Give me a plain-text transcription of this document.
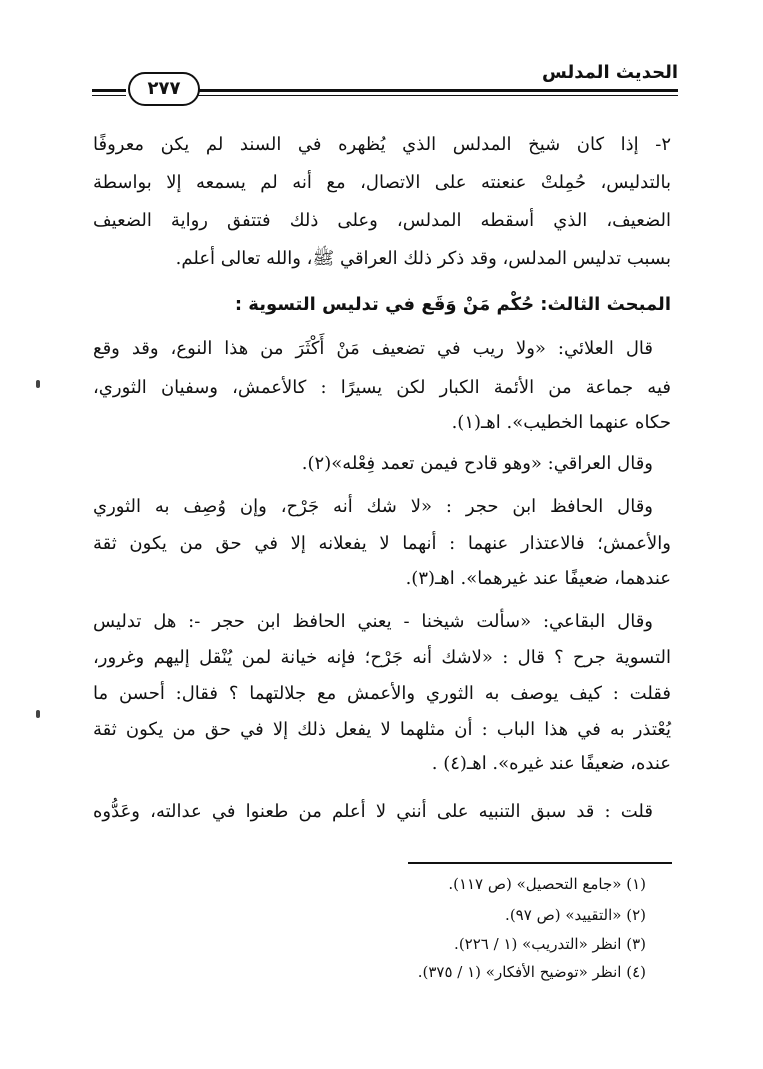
الحديث المدلس
٢٧٧
٢- إذا كان شيخ المدلس الذي يُظهره في السند لم يكن معروفًا
بالتدليس، حُمِلتْ عنعنته على الاتصال، مع أنه لم يسمعه إلا بواسطة
الضعيف، الذي أسقطه المدلس، وعلى ذلك فتتفق رواية الضعيف
بسبب تدليس المدلس، وقد ذكر ذلك العراقي ﷺ، والله تعالى أعلم.
المبحث الثالث: حُكْم مَنْ وَقَع في تدليس التسوية :
قال العلائي: «ولا ريب في تضعيف مَنْ أَكْثَرَ من هذا النوع، وقد وقع
فيه جماعة من الأئمة الكبار لكن يسيرًا : كالأعمش، وسفيان الثوري،
حكاه عنهما الخطيب». اهـ(١).
وقال العراقي: «وهو قادح فيمن تعمد فِعْله»(٢).
وقال الحافظ ابن حجر : «لا شك أنه جَرْح، وإن وُصِف به الثوري
والأعمش؛ فالاعتذار عنهما : أنهما لا يفعلانه إلا في حق من يكون ثقة
عندهما، ضعيفًا عند غيرهما». اهـ(٣).
وقال البقاعي: «سألت شيخنا - يعني الحافظ ابن حجر -: هل تدليس
التسوية جرح ؟ قال : «لاشك أنه جَرْح؛ فإنه خيانة لمن يُنْقل إليهم وغرور،
فقلت : كيف يوصف به الثوري والأعمش مع جلالتهما ؟ فقال: أحسن ما
يُعْتذر به في هذا الباب : أن مثلهما لا يفعل ذلك إلا في حق من يكون ثقة
عنده، ضعيفًا عند غيره». اهـ(٤) .
قلت : قد سبق التنبيه على أنني لا أعلم من طعنوا في عدالته، وعَدُّوه
(١) «جامع التحصيل» (ص ١١٧).
(٢) «التقييد» (ص ٩٧).
(٣) انظر «التدريب» (١ / ٢٢٦).
(٤) انظر «توضيح الأفكار» (١ / ٣٧٥).
